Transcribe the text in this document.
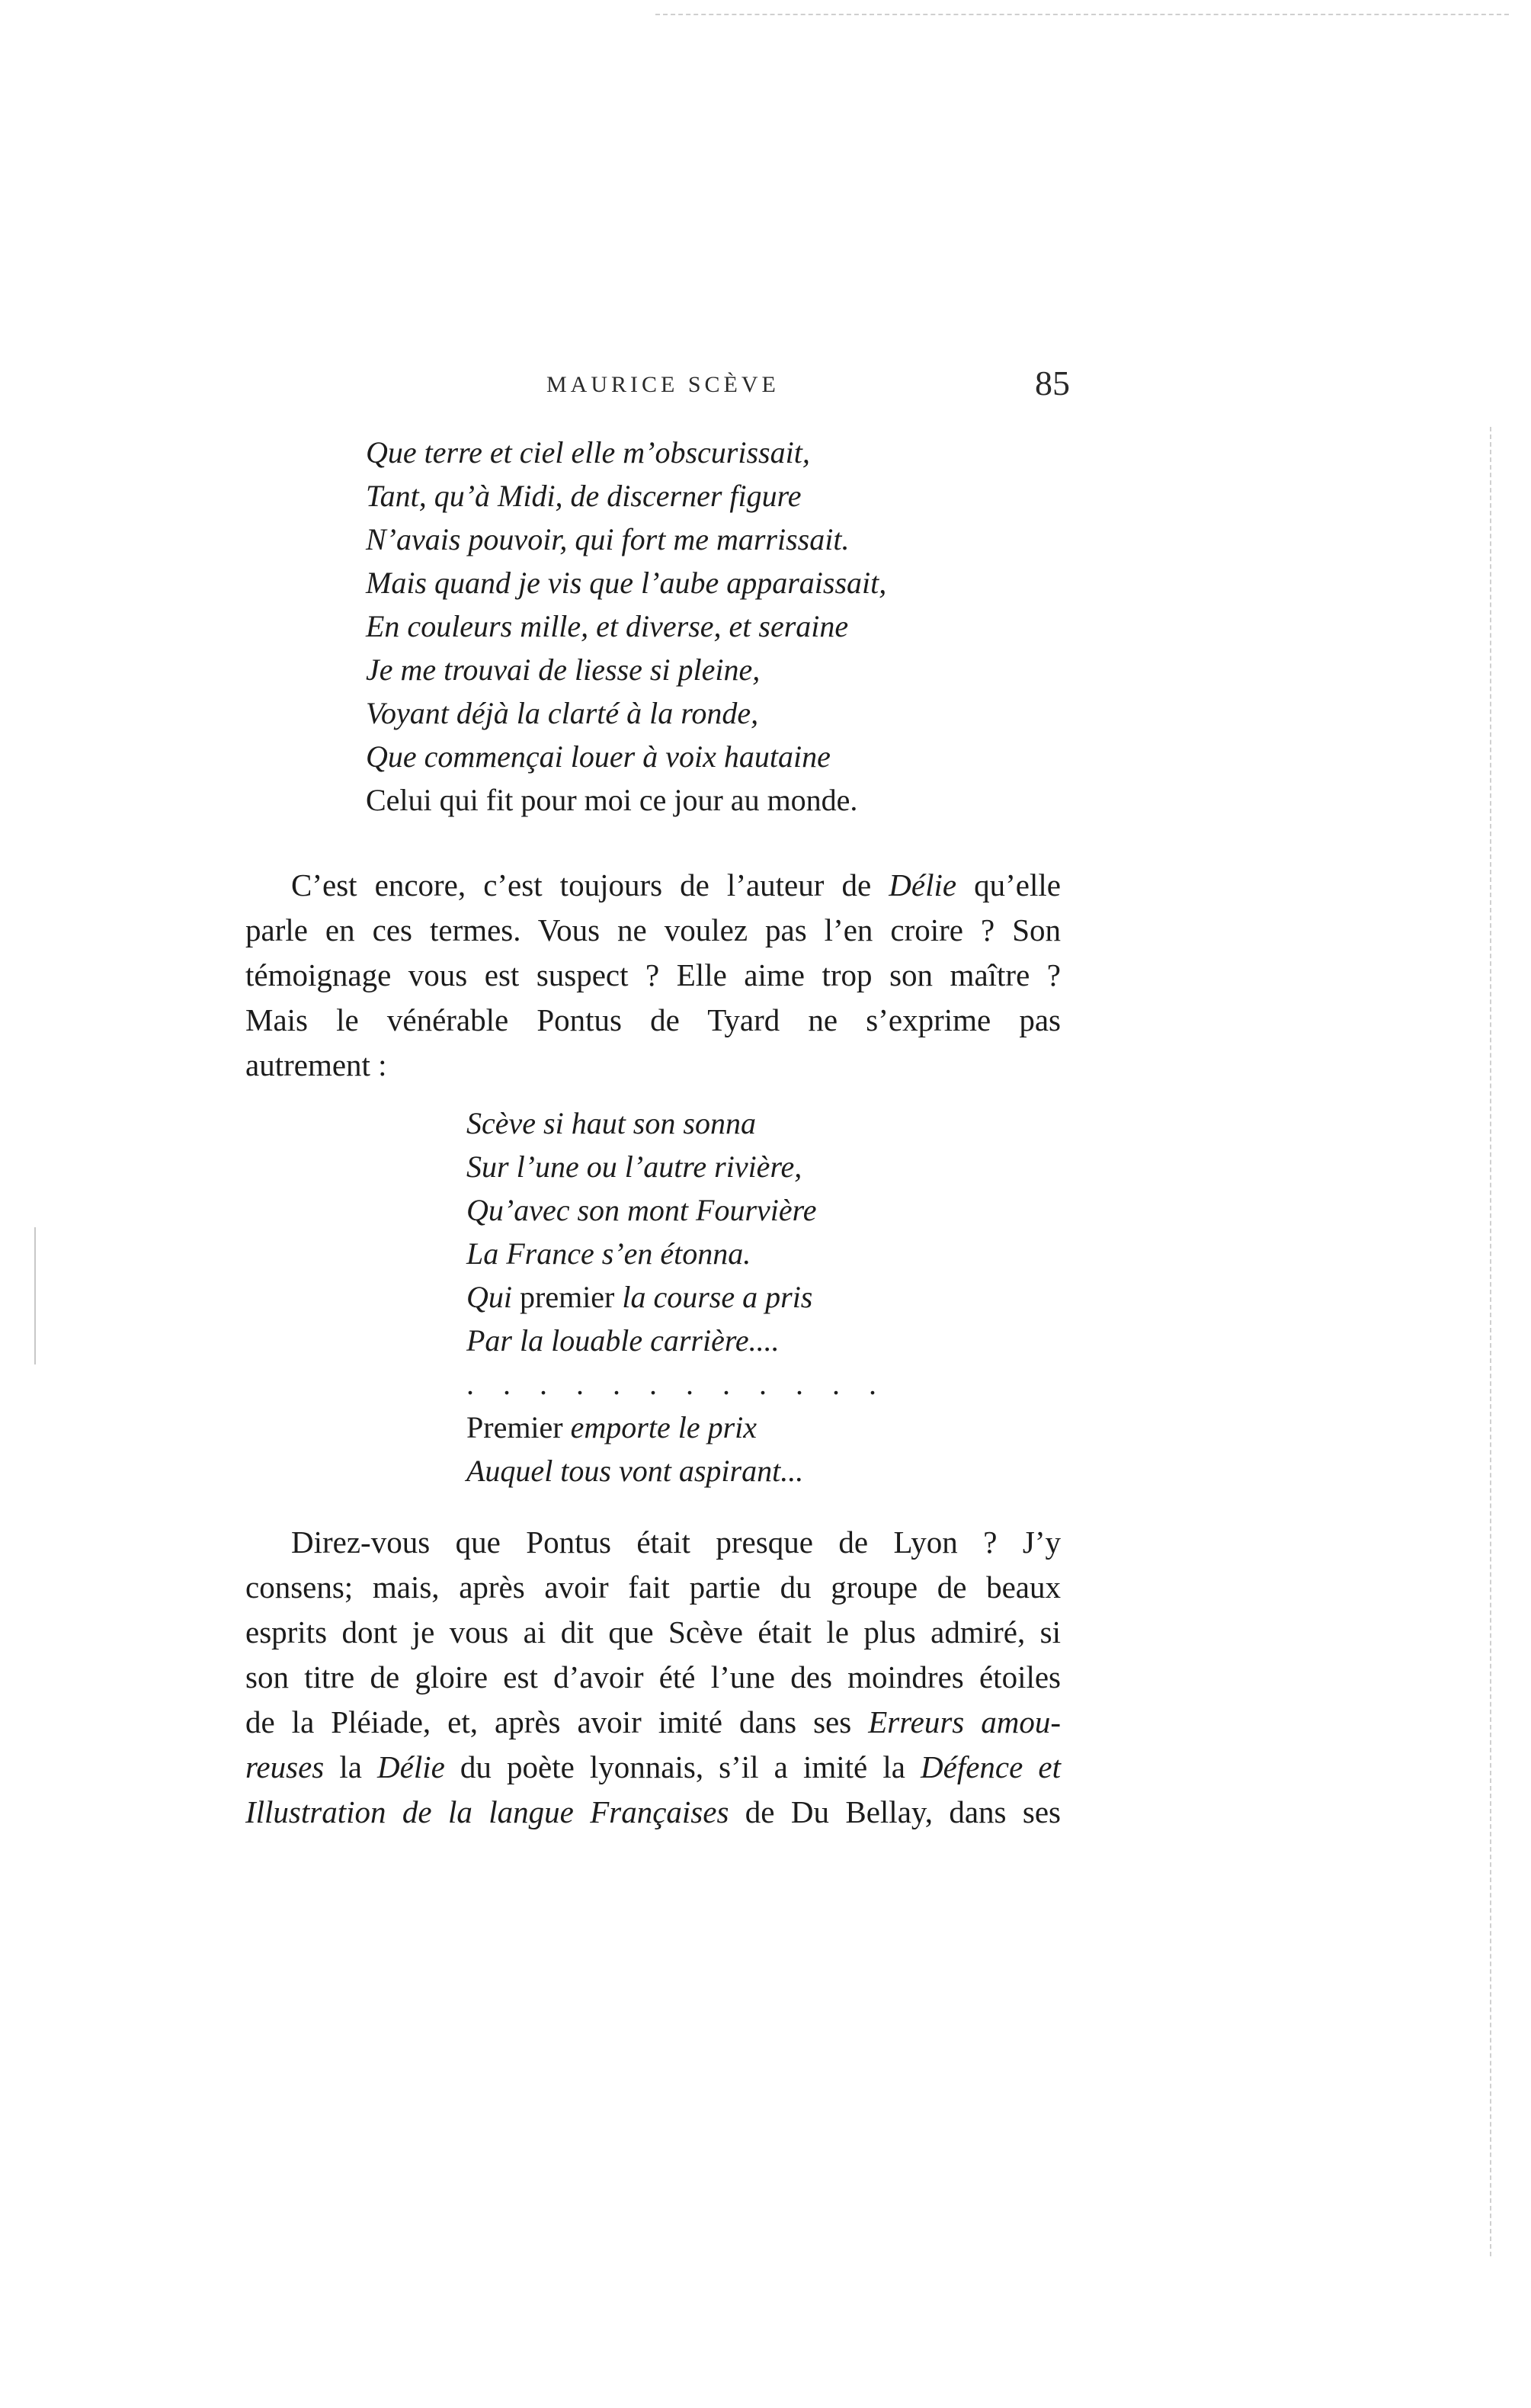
MAURICE SCÈVE	85
Que terre et ciel elle m’obscurissait,
Tant, qu’à Midi, de discerner figure
N’avais pouvoir, qui fort me marrissait.
Mais quand je vis que l’aube apparaissait,
En couleurs mille, et diverse, et seraine
Je me trouvai de liesse si pleine,
Voyant déjà la clarté à la ronde,
Que commençai louer à voix hautaine
Celui qui fit pour moi ce jour au monde.
C’est encore, c’est toujours de l’auteur de Délie qu’elle
parle en ces termes. Vous ne voulez pas l’en croire ? Son
témoignage vous est suspect ? Elle aime trop son maître ?
Mais le vénérable Pontus de Tyard ne s’exprime pas
autrement :
Scève si haut son sonna
Sur l’une ou l’autre rivière,
Qu’avec son mont Fourvière
La France s’en étonna.
Qui premier la course a pris
Par la louable carrière....
. . . . . . . . . . . .
Premier emporte le prix
Auquel tous vont aspirant...
Direz-vous que Pontus était presque de Lyon ? J’y
consens; mais, après avoir fait partie du groupe de beaux
esprits dont je vous ai dit que Scève était le plus admiré, si
son titre de gloire est d’avoir été l’une des moindres étoiles
de la Pléiade, et, après avoir imité dans ses Erreurs amou-
reuses la Délie du poète lyonnais, s’il a imité la Défence et
Illustration de la langue Françaises de Du Bellay, dans ses
